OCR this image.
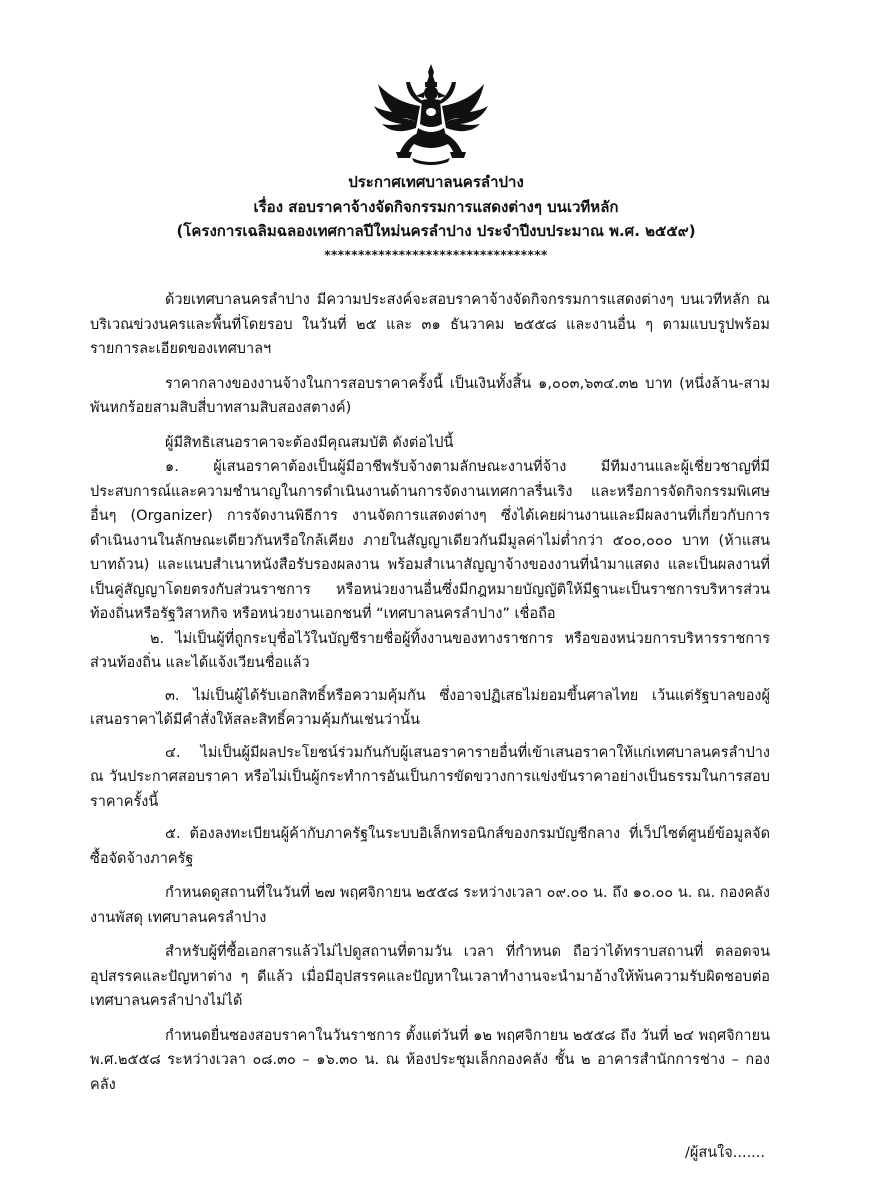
ประกาศเทศบาลนครลำปาง
เรื่อง สอบราคาจ้างจัดกิจกรรมการแสดงต่างๆ บนเวทีหลัก
(โครงการเฉลิมฉลองเทศกาลปีใหม่นครลำปาง ประจำปีงบประมาณ พ.ศ. ๒๕๕๙)
*********************************

ด้วยเทศบาลนครลำปาง มีความประสงค์จะสอบราคาจ้างจัดกิจกรรมการแสดงต่างๆ บนเวทีหลัก ณ บริเวณข่วงนครและพื้นที่โดยรอบ ในวันที่ ๒๕ และ ๓๑ ธันวาคม ๒๕๕๘ และงานอื่น ๆ ตามแบบรูปพร้อมรายการละเอียดของเทศบาลฯ

ราคากลางของงานจ้างในการสอบราคาครั้งนี้ เป็นเงินทั้งสิ้น ๑,๐๐๓,๖๓๔.๓๒ บาท (หนึ่งล้าน-สามพันหกร้อยสามสิบสี่บาทสามสิบสองสตางค์)

ผู้มีสิทธิเสนอราคาจะต้องมีคุณสมบัติ ดังต่อไปนี้

๑. ผู้เสนอราคาต้องเป็นผู้มีอาชีพรับจ้างตามลักษณะงานที่จ้าง มีทีมงานและผู้เชี่ยวชาญที่มีประสบการณ์และความชำนาญในการดำเนินงานด้านการจัดงานเทศกาลรื่นเริง และหรือการจัดกิจกรรมพิเศษอื่นๆ (Organizer) การจัดงานพิธีการ งานจัดการแสดงต่างๆ ซึ่งได้เคยผ่านงานและมีผลงานที่เกี่ยวกับการดำเนินงานในลักษณะเดียวกันหรือใกล้เคียง ภายในสัญญาเดียวกันมีมูลค่าไม่ต่ำกว่า ๕๐๐,๐๐๐ บาท (ห้าแสนบาทถ้วน) และแนบสำเนาหนังสือรับรองผลงาน พร้อมสำเนาสัญญาจ้างของงานที่นำมาแสดง และเป็นผลงานที่เป็นคู่สัญญาโดยตรงกับส่วนราชการ หรือหน่วยงานอื่นซึ่งมีกฎหมายบัญญัติให้มีฐานะเป็นราชการบริหารส่วนท้องถิ่นหรือรัฐวิสาหกิจ หรือหน่วยงานเอกชนที่ “เทศบาลนครลำปาง” เชื่อถือ

๒. ไม่เป็นผู้ที่ถูกระบุชื่อไว้ในบัญชีรายชื่อผู้ทิ้งงานของทางราชการ หรือของหน่วยการบริหารราชการส่วนท้องถิ่น และได้แจ้งเวียนชื่อแล้ว

๓. ไม่เป็นผู้ได้รับเอกสิทธิ์หรือความคุ้มกัน ซึ่งอาจปฏิเสธไม่ยอมขึ้นศาลไทย เว้นแต่รัฐบาลของผู้เสนอราคาได้มีคำสั่งให้สละสิทธิ์ความคุ้มกันเช่นว่านั้น

๔. ไม่เป็นผู้มีผลประโยชน์ร่วมกันกับผู้เสนอราคารายอื่นที่เข้าเสนอราคาให้แก่เทศบาลนครลำปาง ณ วันประกาศสอบราคา หรือไม่เป็นผู้กระทำการอันเป็นการขัดขวางการแข่งขันราคาอย่างเป็นธรรมในการสอบราคาครั้งนี้

๕. ต้องลงทะเบียนผู้ค้ากับภาครัฐในระบบอิเล็กทรอนิกส์ของกรมบัญชีกลาง ที่เว็ปไซต์ศูนย์ข้อมูลจัดซื้อจัดจ้างภาครัฐ

กำหนดดูสถานที่ในวันที่ ๒๗ พฤศจิกายน ๒๕๕๘ ระหว่างเวลา ๐๙.๐๐ น. ถึง ๑๐.๐๐ น. ณ. กองคลัง งานพัสดุ เทศบาลนครลำปาง

สำหรับผู้ที่ซื้อเอกสารแล้วไม่ไปดูสถานที่ตามวัน เวลา ที่กำหนด ถือว่าได้ทราบสถานที่ ตลอดจนอุปสรรคและปัญหาต่าง ๆ ดีแล้ว เมื่อมีอุปสรรคและปัญหาในเวลาทำงานจะนำมาอ้างให้พ้นความรับผิดชอบต่อเทศบาลนครลำปางไม่ได้

กำหนดยื่นซองสอบราคาในวันราชการ ตั้งแต่วันที่ ๑๒ พฤศจิกายน ๒๕๕๘ ถึง วันที่ ๒๔ พฤศจิกายน พ.ศ.๒๕๕๘ ระหว่างเวลา ๐๘.๓๐ – ๑๖.๓๐ น. ณ ห้องประชุมเล็กกองคลัง ชั้น ๒ อาคารสำนักการช่าง – กองคลัง

/ผู้สนใจ.......
